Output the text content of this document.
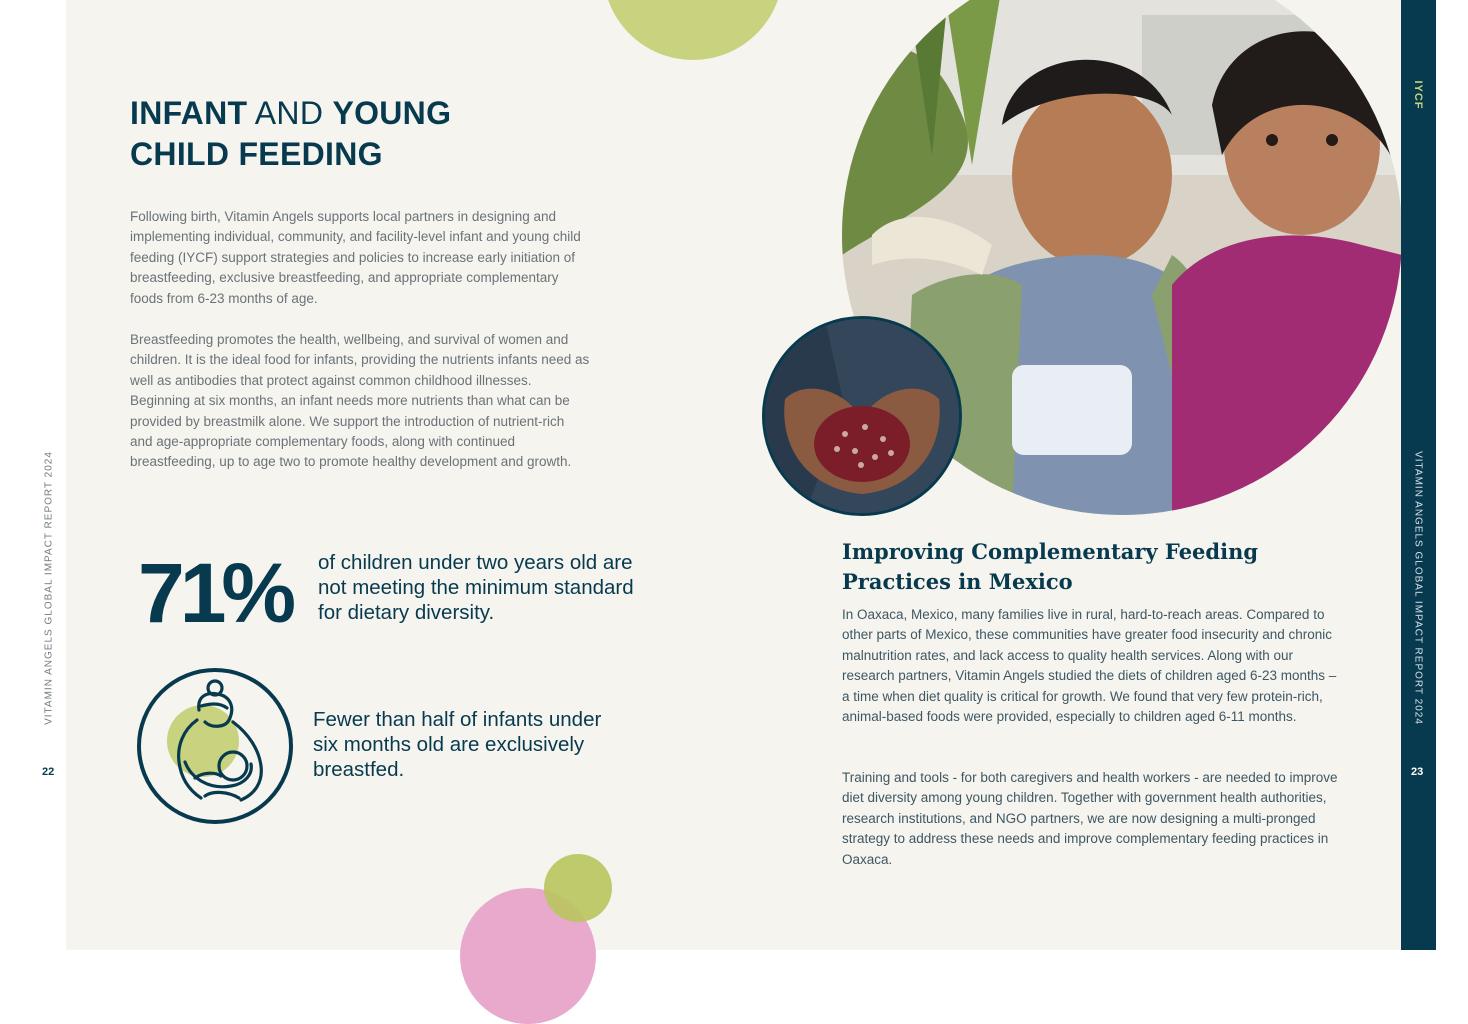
VITAMIN ANGELS GLOBAL IMPACT REPORT 2024
22
INFANT AND YOUNG
CHILD FEEDING

Following birth, Vitamin Angels supports local partners in designing and implementing individual, community, and facility-level infant and young child feeding (IYCF) support strategies and policies to increase early initiation of breastfeeding, exclusive breastfeeding, and appropriate complementary foods from 6-23 months of age.

Breastfeeding promotes the health, wellbeing, and survival of women and children. It is the ideal food for infants, providing the nutrients infants need as well as antibodies that protect against common childhood illnesses. Beginning at six months, an infant needs more nutrients than what can be provided by breastmilk alone. We support the introduction of nutrient-rich and age-appropriate complementary foods, along with continued breastfeeding, up to age two to promote healthy development and growth.

71% of children under two years old are not meeting the minimum standard for dietary diversity.

Fewer than half of infants under six months old are exclusively breastfed.

Improving Complementary Feeding Practices in Mexico

In Oaxaca, Mexico, many families live in rural, hard-to-reach areas. Compared to other parts of Mexico, these communities have greater food insecurity and chronic malnutrition rates, and lack access to quality health services. Along with our research partners, Vitamin Angels studied the diets of children aged 6-23 months – a time when diet quality is critical for growth. We found that very few protein-rich, animal-based foods were provided, especially to children aged 6-11 months.

Training and tools - for both caregivers and health workers - are needed to improve diet diversity among young children. Together with government health authorities, research institutions, and NGO partners, we are now designing a multi-pronged strategy to address these needs and improve complementary feeding practices in Oaxaca.

IYCF
VITAMIN ANGELS GLOBAL IMPACT REPORT 2024
23
